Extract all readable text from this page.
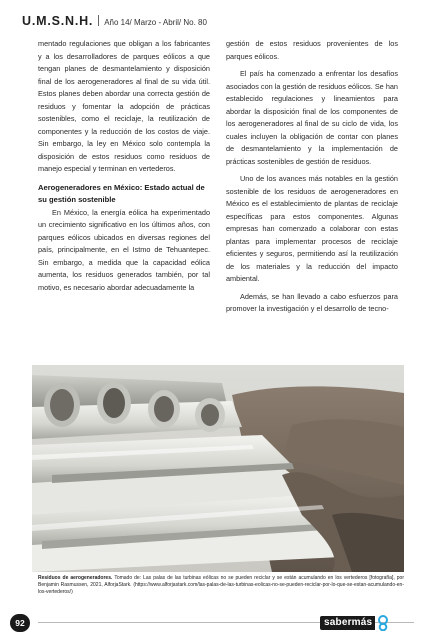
U.M.S.N.H. Año 14/ Marzo - Abril/ No. 80

mentado regulaciones que obligan a los fabricantes y a los desarrolladores de parques eólicos a que tengan planes de desmantelamiento y disposición final de los aerogeneradores al final de su vida útil. Estos planes deben abordar una correcta gestión de residuos y fomentar la adopción de prácticas sostenibles, como el reciclaje, la reutilización de componentes y la reducción de los costos de viaje. Sin embargo, la ley en México solo contempla la disposición de estos residuos como residuos de manejo especial y terminan en vertederos.

Aerogeneradores en México: Estado actual de su gestión sostenible

En México, la energía eólica ha experimentado un crecimiento significativo en los últimos años, con parques eólicos ubicados en diversas regiones del país, principalmente, en el Istmo de Tehuantepec. Sin embargo, a medida que la capacidad eólica aumenta, los residuos generados también, por tal motivo, es necesario abordar adecuadamente la

gestión de estos residuos provenientes de los parques eólicos.

El país ha comenzado a enfrentar los desafíos asociados con la gestión de residuos eólicos. Se han establecido regulaciones y lineamientos para abordar la disposición final de los componentes de los aerogeneradores al final de su ciclo de vida, los cuales incluyen la obligación de contar con planes de desmantelamiento y la implementación de prácticas sostenibles de gestión de residuos.

Uno de los avances más notables en la gestión sostenible de los residuos de aerogeneradores en México es el establecimiento de plantas de reciclaje específicas para estos componentes. Algunas empresas han comenzado a colaborar con estas plantas para implementar procesos de reciclaje eficientes y seguros, permitiendo así la reutilización de los materiales y la reducción del impacto ambiental.

Además, se han llevado a cabo esfuerzos para promover la investigación y el desarrollo de tecno-

Residuos de aerogeneradores. Tomado de: Las palas de las turbinas eólicas no se pueden reciclar y se están acumulando en los vertederos [fotografía], por Benjamin Rasmussen, 2021, AlforjaStark. (https://www.alforjastark.com/las-palas-de-las-turbinas-eolicas-no-se-pueden-reciclar-por-lo-que-se-estan-acumulando-en-los-vertederos/)
92	sabermás
